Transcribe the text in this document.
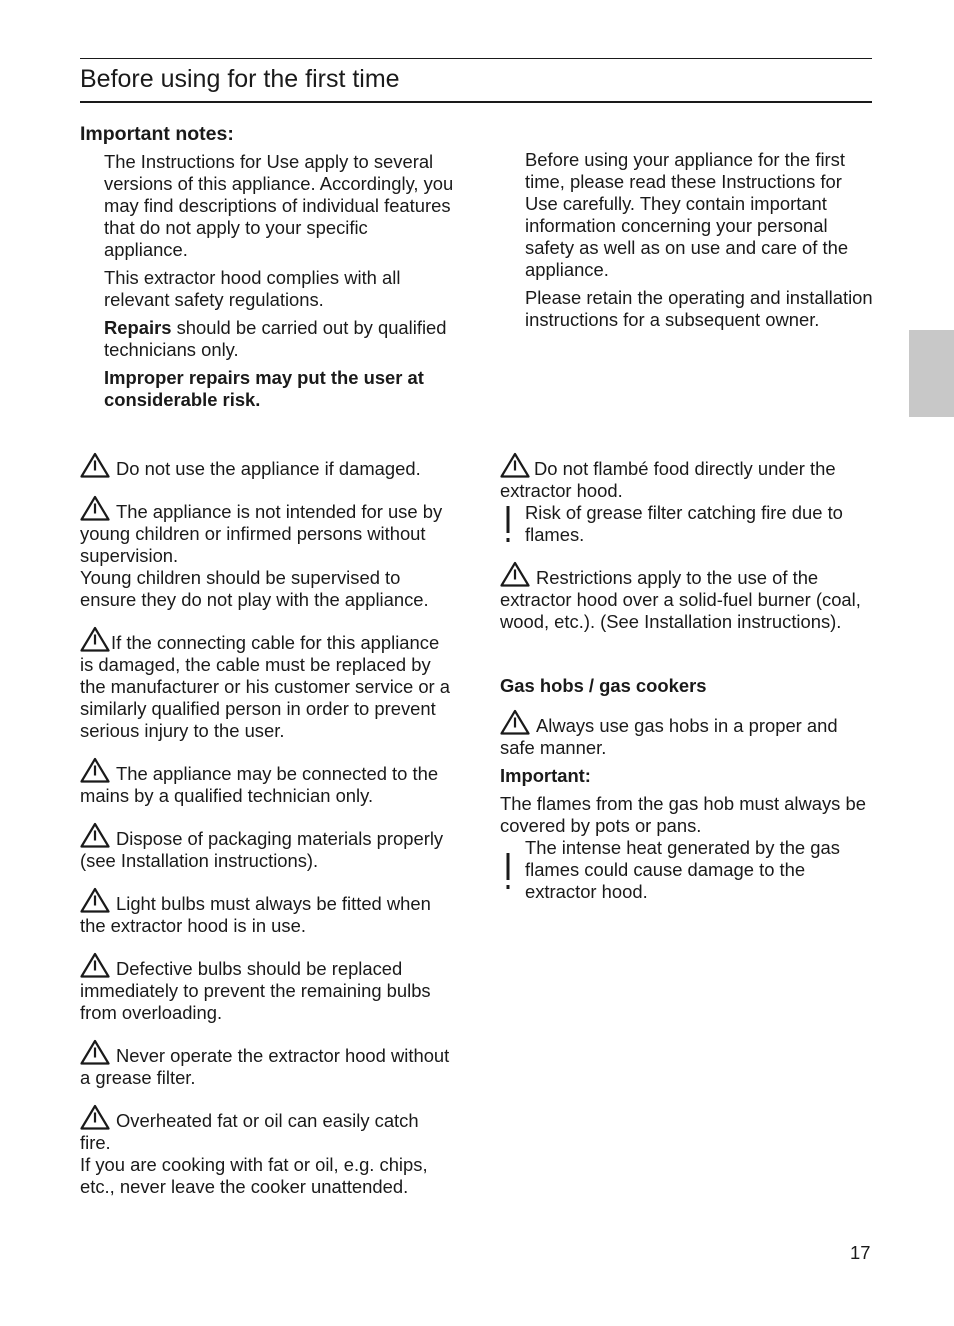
Before using for the first time
Important notes:

The Instructions for Use apply to several versions of this appliance. Accordingly, you may find descriptions of individual features that do not apply to your specific appliance.

This extractor hood complies with all relevant safety regulations.

Repairs should be carried out by qualified technicians only.

Improper repairs may put the user at considerable risk.

Before using your appliance for the first time, please read these Instructions for Use carefully. They contain important information concerning your personal safety as well as on use and care of the appliance.

Please retain the operating and installation instructions for a subsequent owner.

Do not use the appliance if damaged.
The appliance is not intended for use by young children or infirmed persons without supervision.
Young children should be supervised to ensure they do not play with the appliance.
If the connecting cable for this appliance is damaged, the cable must be replaced by the manufacturer or his customer service or a similarly qualified person in order to prevent serious injury to the user.
The appliance may be connected to the mains by a qualified technician only.
Dispose of packaging materials properly (see Installation instructions).
Light bulbs must always be fitted when the extractor hood is in use.
Defective bulbs should be replaced immediately to prevent the remaining bulbs from overloading.
Never operate the extractor hood without a grease filter.
Overheated fat or oil can easily catch fire.
If you are cooking with fat or oil, e.g. chips, etc., never leave the cooker unattended.
Do not flambé food directly under the extractor hood.
Risk of grease filter catching fire due to flames.
Restrictions apply to the use of the extractor hood over a solid-fuel burner (coal, wood, etc.). (See Installation instructions).
Gas hobs / gas cookers
Always use gas hobs in a proper and safe manner.

Important:

The flames from the gas hob must always be covered by pots or pans.
The intense heat generated by the gas flames could cause damage to the extractor hood.
17
